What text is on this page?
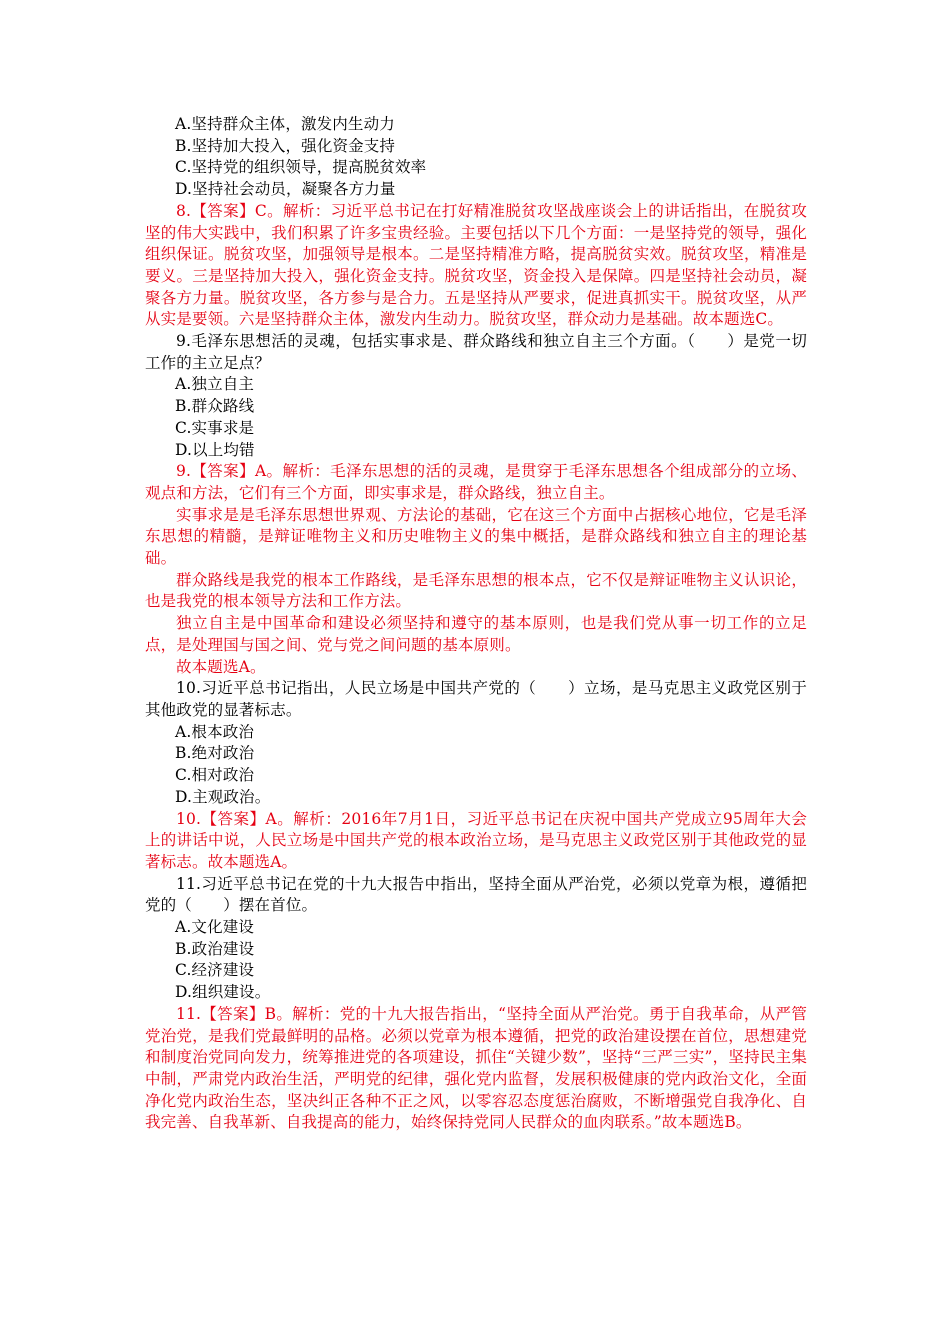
A.坚持群众主体，激发内生动力
B.坚持加大投入，强化资金支持
C.坚持党的组织领导，提高脱贫效率
D.坚持社会动员，凝聚各方力量
8.【答案】C。解析：习近平总书记在打好精准脱贫攻坚战座谈会上的讲话指出，在脱贫攻坚的伟大实践中，我们积累了许多宝贵经验。主要包括以下几个方面：一是坚持党的领导，强化组织保证。脱贫攻坚，加强领导是根本。二是坚持精准方略，提高脱贫实效。脱贫攻坚，精准是要义。三是坚持加大投入，强化资金支持。脱贫攻坚，资金投入是保障。四是坚持社会动员，凝聚各方力量。脱贫攻坚，各方参与是合力。五是坚持从严要求，促进真抓实干。脱贫攻坚，从严从实是要领。六是坚持群众主体，激发内生动力。脱贫攻坚，群众动力是基础。故本题选C。
9.毛泽东思想活的灵魂，包括实事求是、群众路线和独立自主三个方面。（　　）是党一切工作的主立足点？
A.独立自主
B.群众路线
C.实事求是
D.以上均错
9.【答案】A。解析：毛泽东思想的活的灵魂，是贯穿于毛泽东思想各个组成部分的立场、观点和方法，它们有三个方面，即实事求是，群众路线，独立自主。
实事求是是毛泽东思想世界观、方法论的基础，它在这三个方面中占据核心地位，它是毛泽东思想的精髓，是辩证唯物主义和历史唯物主义的集中概括，是群众路线和独立自主的理论基础。
群众路线是我党的根本工作路线，是毛泽东思想的根本点，它不仅是辩证唯物主义认识论，也是我党的根本领导方法和工作方法。
独立自主是中国革命和建设必须坚持和遵守的基本原则，也是我们党从事一切工作的立足点，是处理国与国之间、党与党之间问题的基本原则。
故本题选A。
10.习近平总书记指出，人民立场是中国共产党的（　　）立场，是马克思主义政党区别于其他政党的显著标志。
A.根本政治
B.绝对政治
C.相对政治
D.主观政治。
10.【答案】A。解析：2016年7月1日，习近平总书记在庆祝中国共产党成立95周年大会上的讲话中说，人民立场是中国共产党的根本政治立场，是马克思主义政党区别于其他政党的显著标志。故本题选A。
11.习近平总书记在党的十九大报告中指出，坚持全面从严治党，必须以党章为根，遵循把党的（　　）摆在首位。
A.文化建设
B.政治建设
C.经济建设
D.组织建设。
11.【答案】B。解析：党的十九大报告指出，“坚持全面从严治党。勇于自我革命，从严管党治党，是我们党最鲜明的品格。必须以党章为根本遵循，把党的政治建设摆在首位，思想建党和制度治党同向发力，统筹推进党的各项建设，抓住“关键少数”，坚持“三严三实”，坚持民主集中制，严肃党内政治生活，严明党的纪律，强化党内监督，发展积极健康的党内政治文化，全面净化党内政治生态，坚决纠正各种不正之风，以零容忍态度惩治腐败，不断增强党自我净化、自我完善、自我革新、自我提高的能力，始终保持党同人民群众的血肉联系。”故本题选B。
